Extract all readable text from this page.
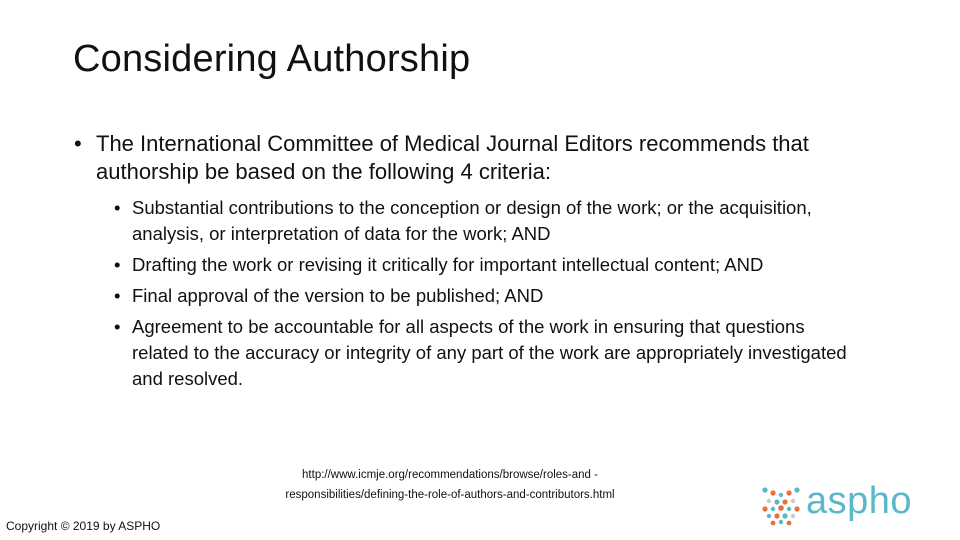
Considering Authorship
• The International Committee of Medical Journal Editors recommends that authorship be based on the following 4 criteria:
• Substantial contributions to the conception or design of the work; or the acquisition, analysis, or interpretation of data for the work; AND
• Drafting the work or revising it critically for important intellectual content; AND
• Final approval of the version to be published; AND
• Agreement to be accountable for all aspects of the work in ensuring that questions related to the accuracy or integrity of any part of the work are appropriately investigated and resolved.
http://www.icmje.org/recommendations/browse/roles-and -responsibilities/defining-the-role-of-authors-and-contributors.html
Copyright © 2019 by ASPHO
aspho
